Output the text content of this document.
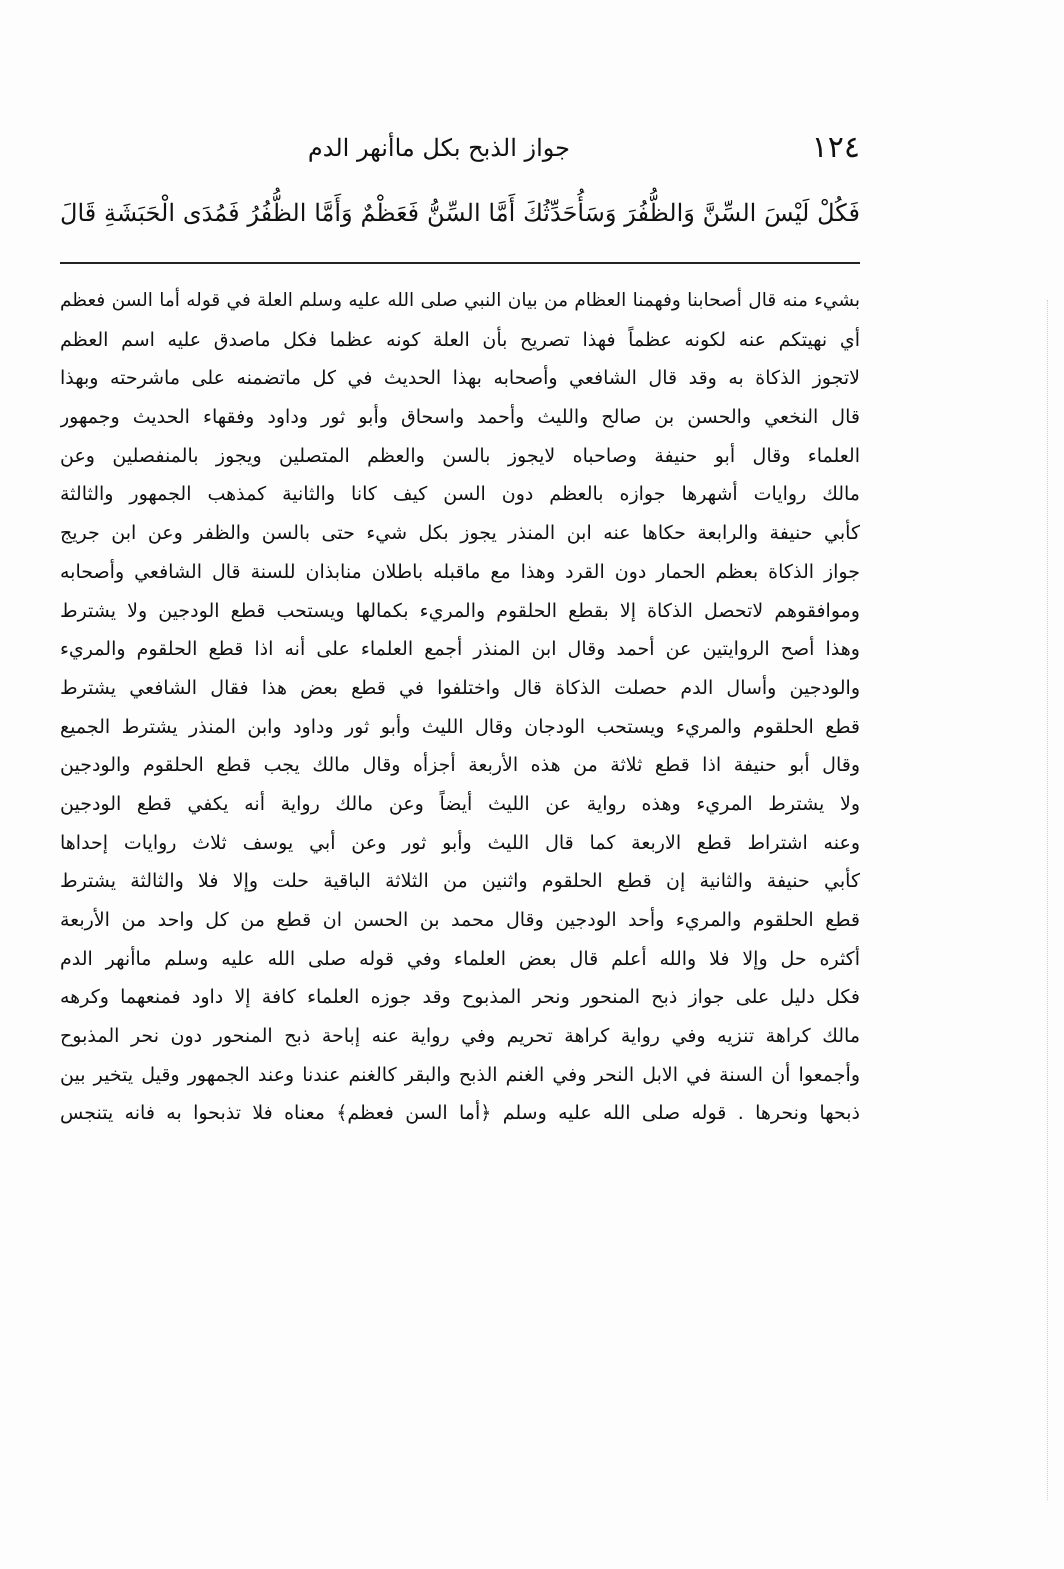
١٢٤
جواز الذبح بكل ماأنهر الدم
فَكُلْ لَيْسَ السِّنَّ وَالظُّفُرَ وَسَأُحَدِّثُكَ أَمَّا السِّنُّ فَعَظْمٌ وَأَمَّا الظُّفُرُ فَمُدَى الْحَبَشَةِ قَالَ
بشيء منه قال أصحابنا وفهمنا العظام من بيان النبي صلى الله عليه وسلم العلة في قوله أما السن فعظم
أي نهيتكم عنه لكونه عظماً فهذا تصريح بأن العلة كونه عظما فكل ماصدق عليه اسم العظم
لاتجوز الذكاة به وقد قال الشافعي وأصحابه بهذا الحديث في كل ماتضمنه على ماشرحته وبهذا
قال النخعي والحسن بن صالح والليث وأحمد واسحاق وأبو ثور وداود وفقهاء الحديث وجمهور
العلماء وقال أبو حنيفة وصاحباه لايجوز بالسن والعظم المتصلين ويجوز بالمنفصلين وعن
مالك روايات أشهرها جوازه بالعظم دون السن كيف كانا والثانية كمذهب الجمهور والثالثة
كأبي حنيفة والرابعة حكاها عنه ابن المنذر يجوز بكل شيء حتى بالسن والظفر وعن ابن جريج
جواز الذكاة بعظم الحمار دون القرد وهذا مع ماقبله باطلان منابذان للسنة قال الشافعي وأصحابه
وموافقوهم لاتحصل الذكاة إلا بقطع الحلقوم والمريء بكمالها ويستحب قطع الودجين ولا يشترط
وهذا أصح الروايتين عن أحمد وقال ابن المنذر أجمع العلماء على أنه اذا قطع الحلقوم والمريء
والودجين وأسال الدم حصلت الذكاة قال واختلفوا في قطع بعض هذا فقال الشافعي يشترط
قطع الحلقوم والمريء ويستحب الودجان وقال الليث وأبو ثور وداود وابن المنذر يشترط الجميع
وقال أبو حنيفة اذا قطع ثلاثة من هذه الأربعة أجزأه وقال مالك يجب قطع الحلقوم والودجين
ولا يشترط المريء وهذه رواية عن الليث أيضاً وعن مالك رواية أنه يكفي قطع الودجين
وعنه اشتراط قطع الاربعة كما قال الليث وأبو ثور وعن أبي يوسف ثلاث روايات إحداها
كأبي حنيفة والثانية إن قطع الحلقوم واثنين من الثلاثة الباقية حلت وإلا فلا والثالثة يشترط
قطع الحلقوم والمريء وأحد الودجين وقال محمد بن الحسن ان قطع من كل واحد من الأربعة
أكثره حل وإلا فلا والله أعلم قال بعض العلماء وفي قوله صلى الله عليه وسلم ماأنهر الدم
فكل دليل على جواز ذبح المنحور ونحر المذبوح وقد جوزه العلماء كافة إلا داود فمنعهما وكرهه
مالك كراهة تنزيه وفي رواية كراهة تحريم وفي رواية عنه إباحة ذبح المنحور دون نحر المذبوح
وأجمعوا أن السنة في الابل النحر وفي الغنم الذبح والبقر كالغنم عندنا وعند الجمهور وقيل يتخير بين
ذبحها ونحرها . قوله صلى الله عليه وسلم ﴿أما السن فعظم﴾ معناه فلا تذبحوا به فانه يتنجس
